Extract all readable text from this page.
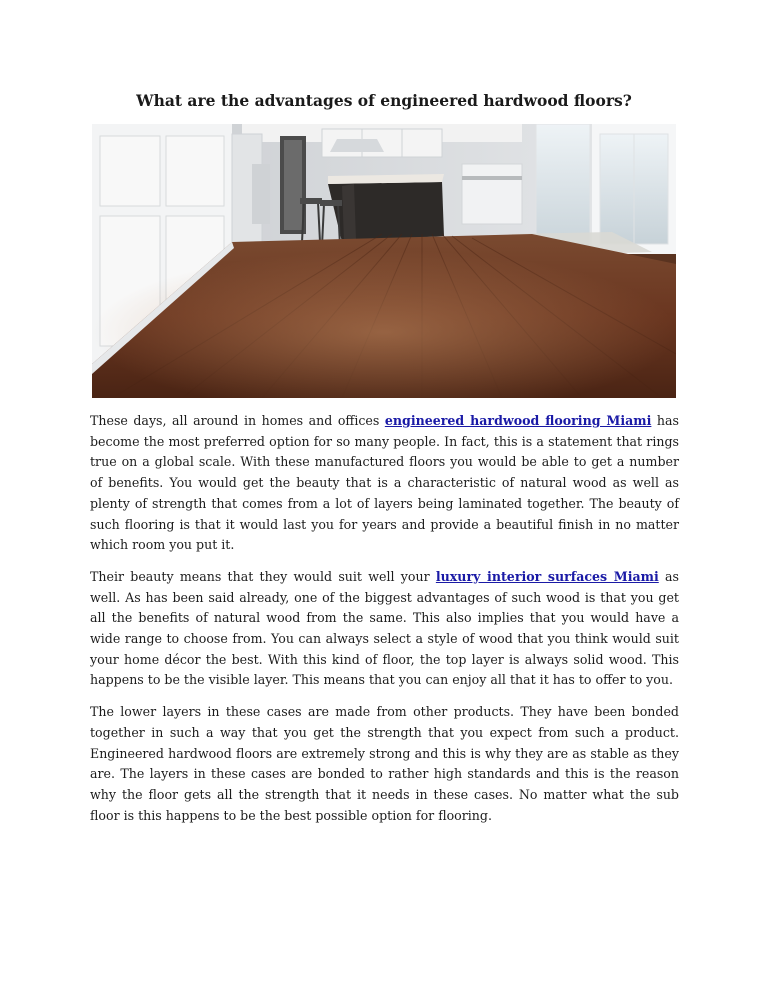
What are the advantages of engineered hardwood floors?

These days, all around in homes and offices engineered hardwood flooring Miami has become the most preferred option for so many people. In fact, this is a statement that rings true on a global scale. With these manufactured floors you would be able to get a number of benefits. You would get the beauty that is a characteristic of natural wood as well as plenty of strength that comes from a lot of layers being laminated together. The beauty of such flooring is that it would last you for years and provide a beautiful finish in no matter which room you put it.

Their beauty means that they would suit well your luxury interior surfaces Miami as well. As has been said already, one of the biggest advantages of such wood is that you get all the benefits of natural wood from the same. This also implies that you would have a wide range to choose from. You can always select a style of wood that you think would suit your home décor the best. With this kind of floor, the top layer is always solid wood. This happens to be the visible layer. This means that you can enjoy all that it has to offer to you.

The lower layers in these cases are made from other products. They have been bonded together in such a way that you get the strength that you expect from such a product. Engineered hardwood floors are extremely strong and this is why they are as stable as they are. The layers in these cases are bonded to rather high standards and this is the reason why the floor gets all the strength that it needs in these cases. No matter what the sub floor is this happens to be the best possible option for flooring.
